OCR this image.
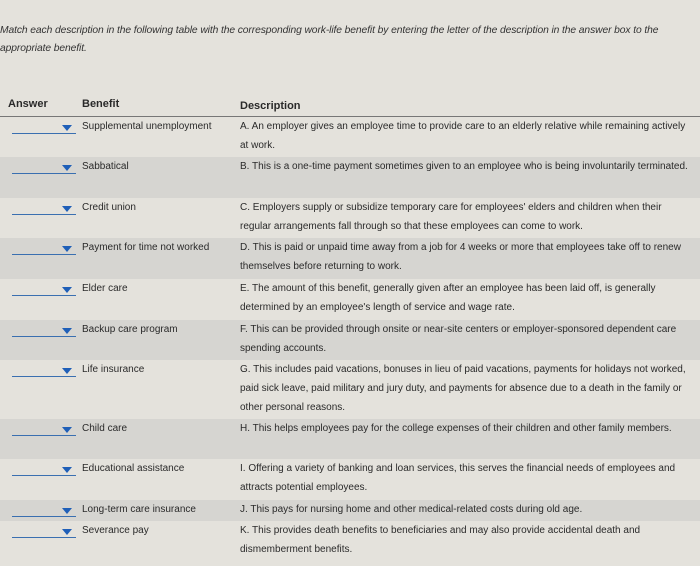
Match each description in the following table with the corresponding work-life benefit by entering the letter of the description in the answer box to the appropriate benefit.
Answer	Benefit	Description
Supplemental unemployment	A. An employer gives an employee time to provide care to an elderly relative while remaining actively at work.
Sabbatical	B. This is a one-time payment sometimes given to an employee who is being involuntarily terminated.
Credit union	C. Employers supply or subsidize temporary care for employees' elders and children when their regular arrangements fall through so that these employees can come to work.
Payment for time not worked	D. This is paid or unpaid time away from a job for 4 weeks or more that employees take off to renew themselves before returning to work.
Elder care	E. The amount of this benefit, generally given after an employee has been laid off, is generally determined by an employee's length of service and wage rate.
Backup care program	F. This can be provided through onsite or near-site centers or employer-sponsored dependent care spending accounts.
Life insurance	G. This includes paid vacations, bonuses in lieu of paid vacations, payments for holidays not worked, paid sick leave, paid military and jury duty, and payments for absence due to a death in the family or other personal reasons.
Child care	H. This helps employees pay for the college expenses of their children and other family members.
Educational assistance	I. Offering a variety of banking and loan services, this serves the financial needs of employees and attracts potential employees.
Long-term care insurance	J. This pays for nursing home and other medical-related costs during old age.
Severance pay	K. This provides death benefits to beneficiaries and may also provide accidental death and dismemberment benefits.
